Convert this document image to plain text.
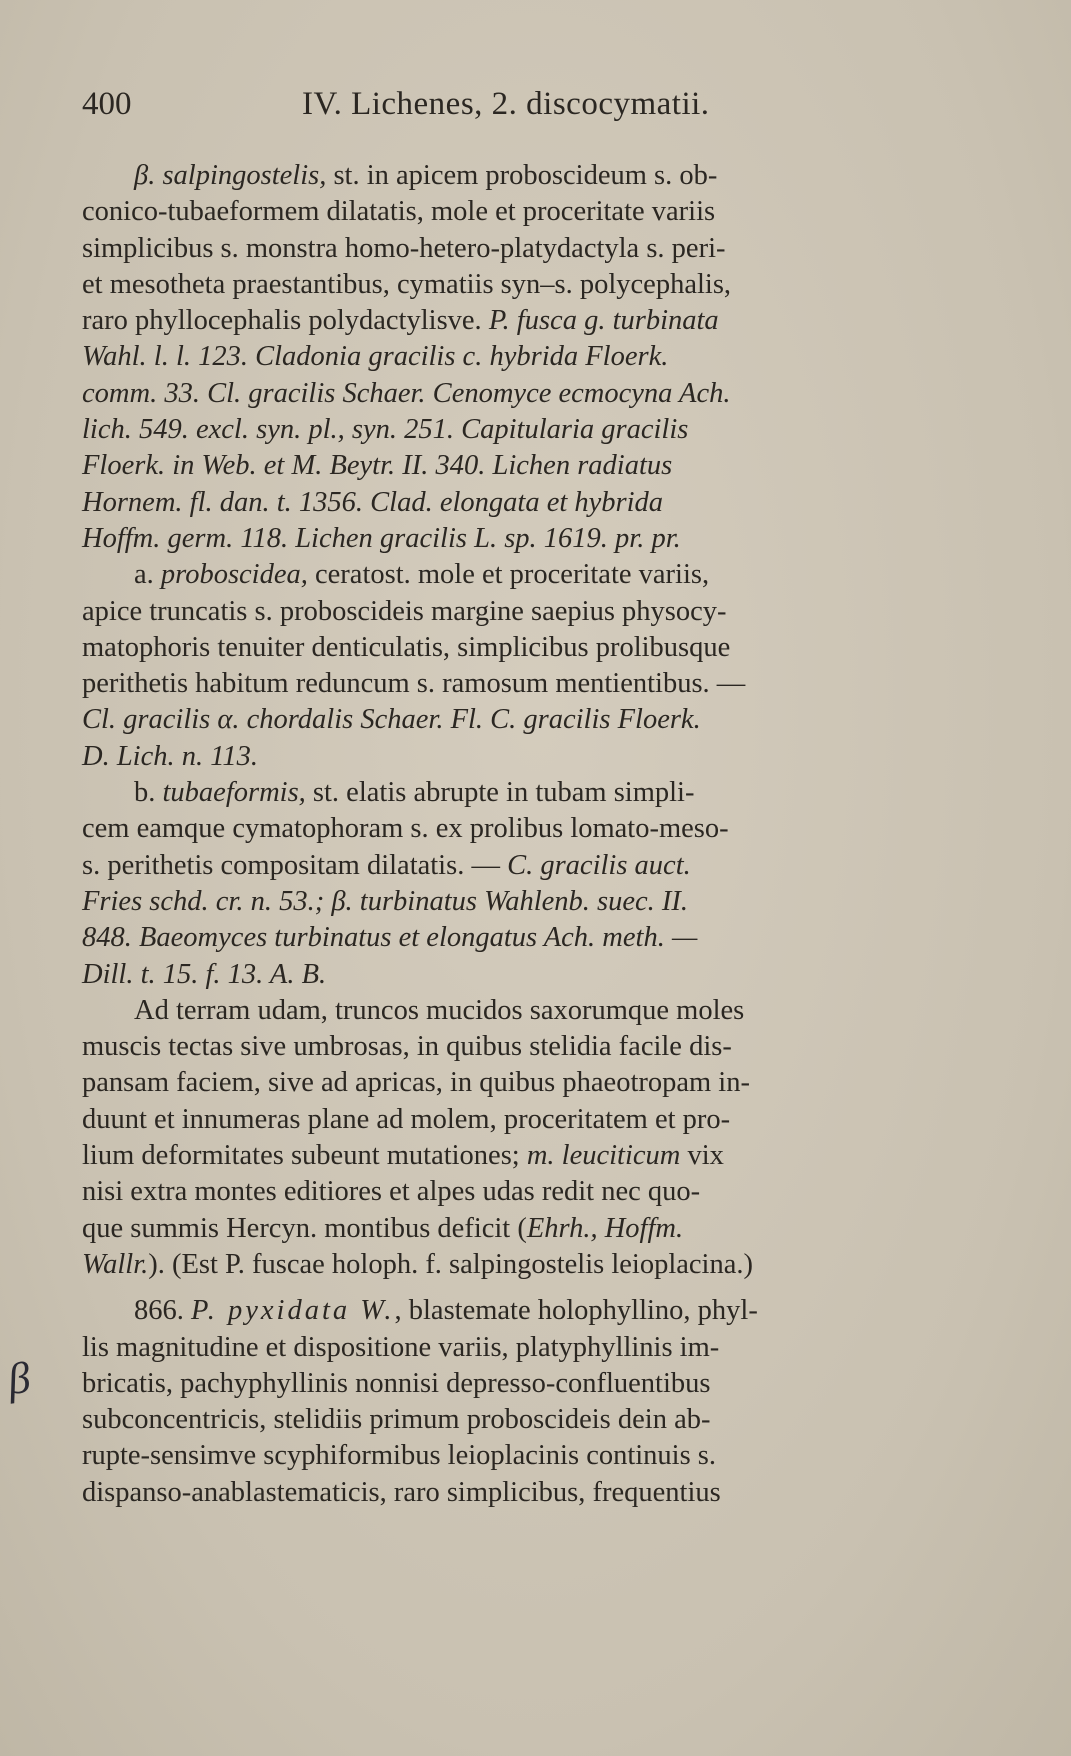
400	IV. Lichenes, 2. discocymatii.
β

β. salpingostelis, st. in apicem proboscideum s. ob-

conico-tubaeformem dilatatis, mole et proceritate variis

simplicibus s. monstra homo-hetero-platydactyla s. peri-

et mesotheta praestantibus, cymatiis syn–s. polycephalis,

raro phyllocephalis polydactylisve. P. fusca g. turbinata

Wahl. l. l. 123. Cladonia gracilis c. hybrida Floerk.

comm. 33. Cl. gracilis Schaer. Cenomyce ecmocyna Ach.

lich. 549. excl. syn. pl., syn. 251. Capitularia gracilis

Floerk. in Web. et M. Beytr. II. 340. Lichen radiatus

Hornem. fl. dan. t. 1356. Clad. elongata et hybrida

Hoffm. germ. 118. Lichen gracilis L. sp. 1619. pr. pr.

a. proboscidea, ceratost. mole et proceritate variis,

apice truncatis s. proboscideis margine saepius physocy-

matophoris tenuiter denticulatis, simplicibus prolibusque

perithetis habitum reduncum s. ramosum mentientibus. —

Cl. gracilis α. chordalis Schaer. Fl. C. gracilis Floerk.

D. Lich. n. 113.

b. tubaeformis, st. elatis abrupte in tubam simpli-

cem eamque cymatophoram s. ex prolibus lomato-meso-

s. perithetis compositam dilatatis. — C. gracilis auct.

Fries schd. cr. n. 53.; β. turbinatus Wahlenb. suec. II.

848. Baeomyces turbinatus et elongatus Ach. meth. —

Dill. t. 15. f. 13. A. B.

Ad terram udam, truncos mucidos saxorumque moles

muscis tectas sive umbrosas, in quibus stelidia facile dis-

pansam faciem, sive ad apricas, in quibus phaeotropam in-

duunt et innumeras plane ad molem, proceritatem et pro-

lium deformitates subeunt mutationes; m. leuciticum vix

nisi extra montes editiores et alpes udas redit nec quo-

que summis Hercyn. montibus deficit (Ehrh., Hoffm.

Wallr.). (Est P. fuscae holoph. f. salpingostelis leioplacina.)

866. P. pyxidata W., blastemate holophyllino, phyl-

lis magnitudine et dispositione variis, platyphyllinis im-

bricatis, pachyphyllinis nonnisi depresso-confluentibus

subconcentricis, stelidiis primum proboscideis dein ab-

rupte-sensimve scyphiformibus leioplacinis continuis s.

dispanso-anablastematicis, raro simplicibus, frequentius
